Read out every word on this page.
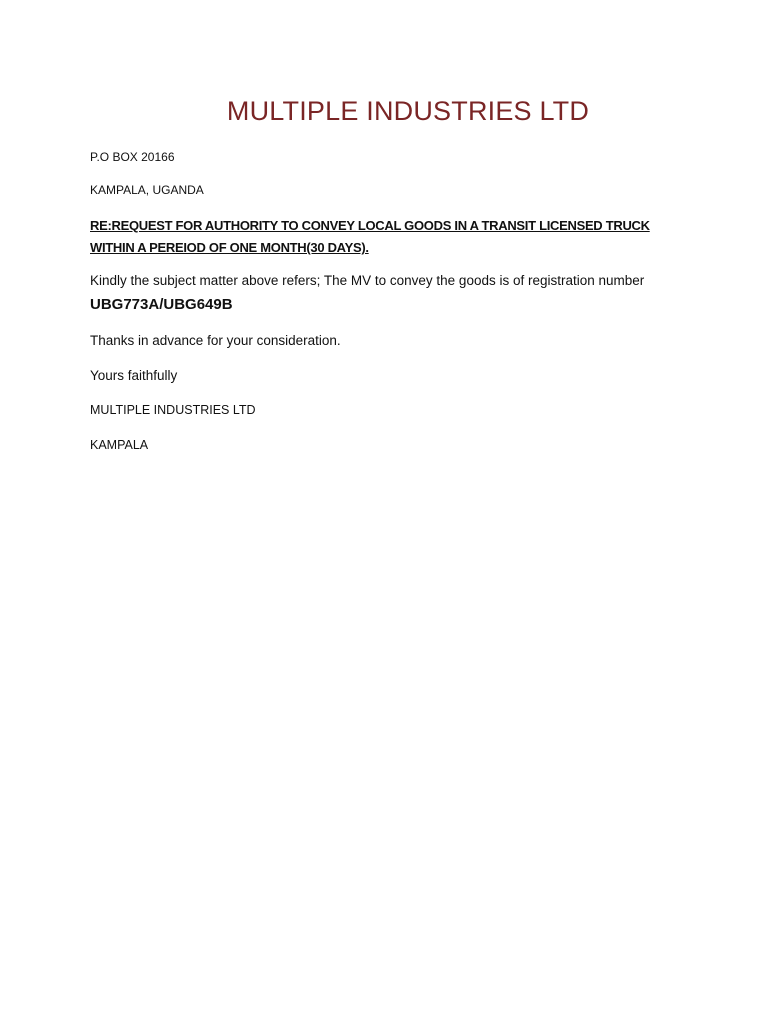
MULTIPLE INDUSTRIES LTD
P.O BOX 20166
KAMPALA, UGANDA
RE:REQUEST FOR AUTHORITY TO CONVEY LOCAL GOODS IN A TRANSIT LICENSED TRUCK
WITHIN A PEREIOD OF ONE MONTH(30 DAYS).
Kindly the subject matter above refers; The MV to convey the goods is of registration number
UBG773A/UBG649B
Thanks in advance for your consideration.
Yours faithfully
MULTIPLE INDUSTRIES LTD
KAMPALA
